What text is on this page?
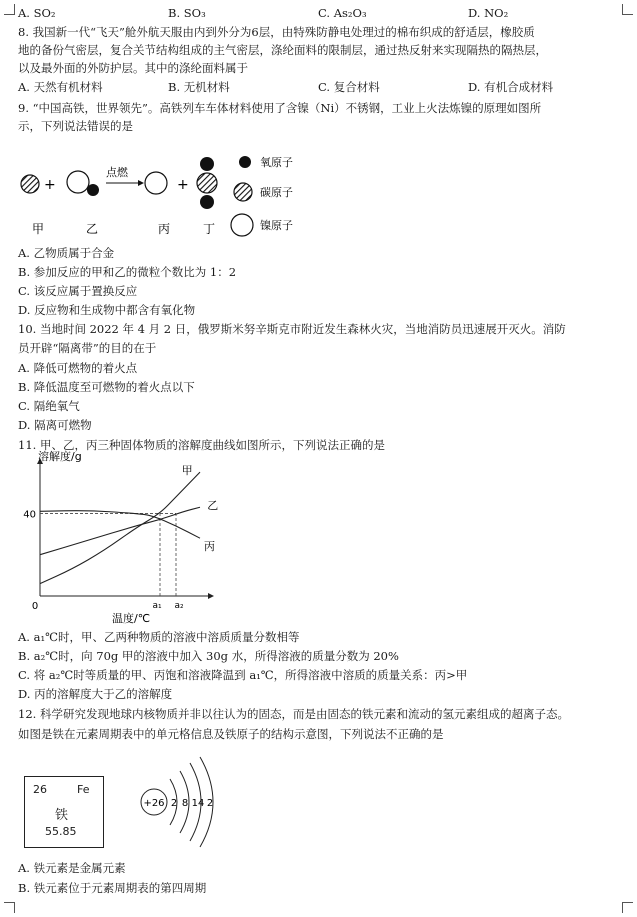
A. SO₂	B. SO₃	C. As₂O₃	D. NO₂
8. 我国新一代“飞天”舱外航天服由内到外分为6层，由特殊防静电处理过的棉布织成的舒适层，橡胶质
地的备份气密层，复合关节结构组成的主气密层，涤纶面料的限制层，通过热反射来实现隔热的隔热层，
以及最外面的外防护层。其中的涤纶面料属于
A. 天然有机材料	B. 无机材料	C. 复合材料	D. 有机合成材料
9. “中国高铁，世界领先”。高铁列车车体材料使用了含镍（Ni）不锈钢，工业上火法炼镍的原理如图所
示，下列说法错误的是
+
点燃
+
甲	乙	丙	丁
氧原子
碳原子
镍原子
A. 乙物质属于合金
B. 参加反应的甲和乙的微粒个数比为 1：2
C. 该反应属于置换反应
D. 反应物和生成物中都含有氧化物
10. 当地时间 2022 年 4 月 2 日，俄罗斯米努辛斯克市附近发生森林火灾，当地消防员迅速展开灭火。消防
员开辟“隔离带”的目的在于
A. 降低可燃物的着火点
B. 降低温度至可燃物的着火点以下
C. 隔绝氧气
D. 隔离可燃物
11. 甲、乙，丙三种固体物质的溶解度曲线如图所示，下列说法正确的是
溶解度/g
温度/℃
0
40
a₁ a₂
甲
乙
丙
A. a₁℃时，甲、乙两种物质的溶液中溶质质量分数相等
B. a₂℃时，向 70g 甲的溶液中加入 30g 水，所得溶液的质量分数为 20%
C. 将 a₂℃时等质量的甲、丙饱和溶液降温到 a₁℃，所得溶液中溶质的质量关系：丙>甲
D. 丙的溶解度大于乙的溶解度
12. 科学研究发现地球内核物质并非以往认为的固态，而是由固态的铁元素和流动的氢元素组成的超离子态。
如图是铁在元素周期表中的单元格信息及铁原子的结构示意图，下列说法不正确的是
26	Fe
铁
55.85
+26 2 8 14 2
A. 铁元素是金属元素
B. 铁元素位于元素周期表的第四周期
